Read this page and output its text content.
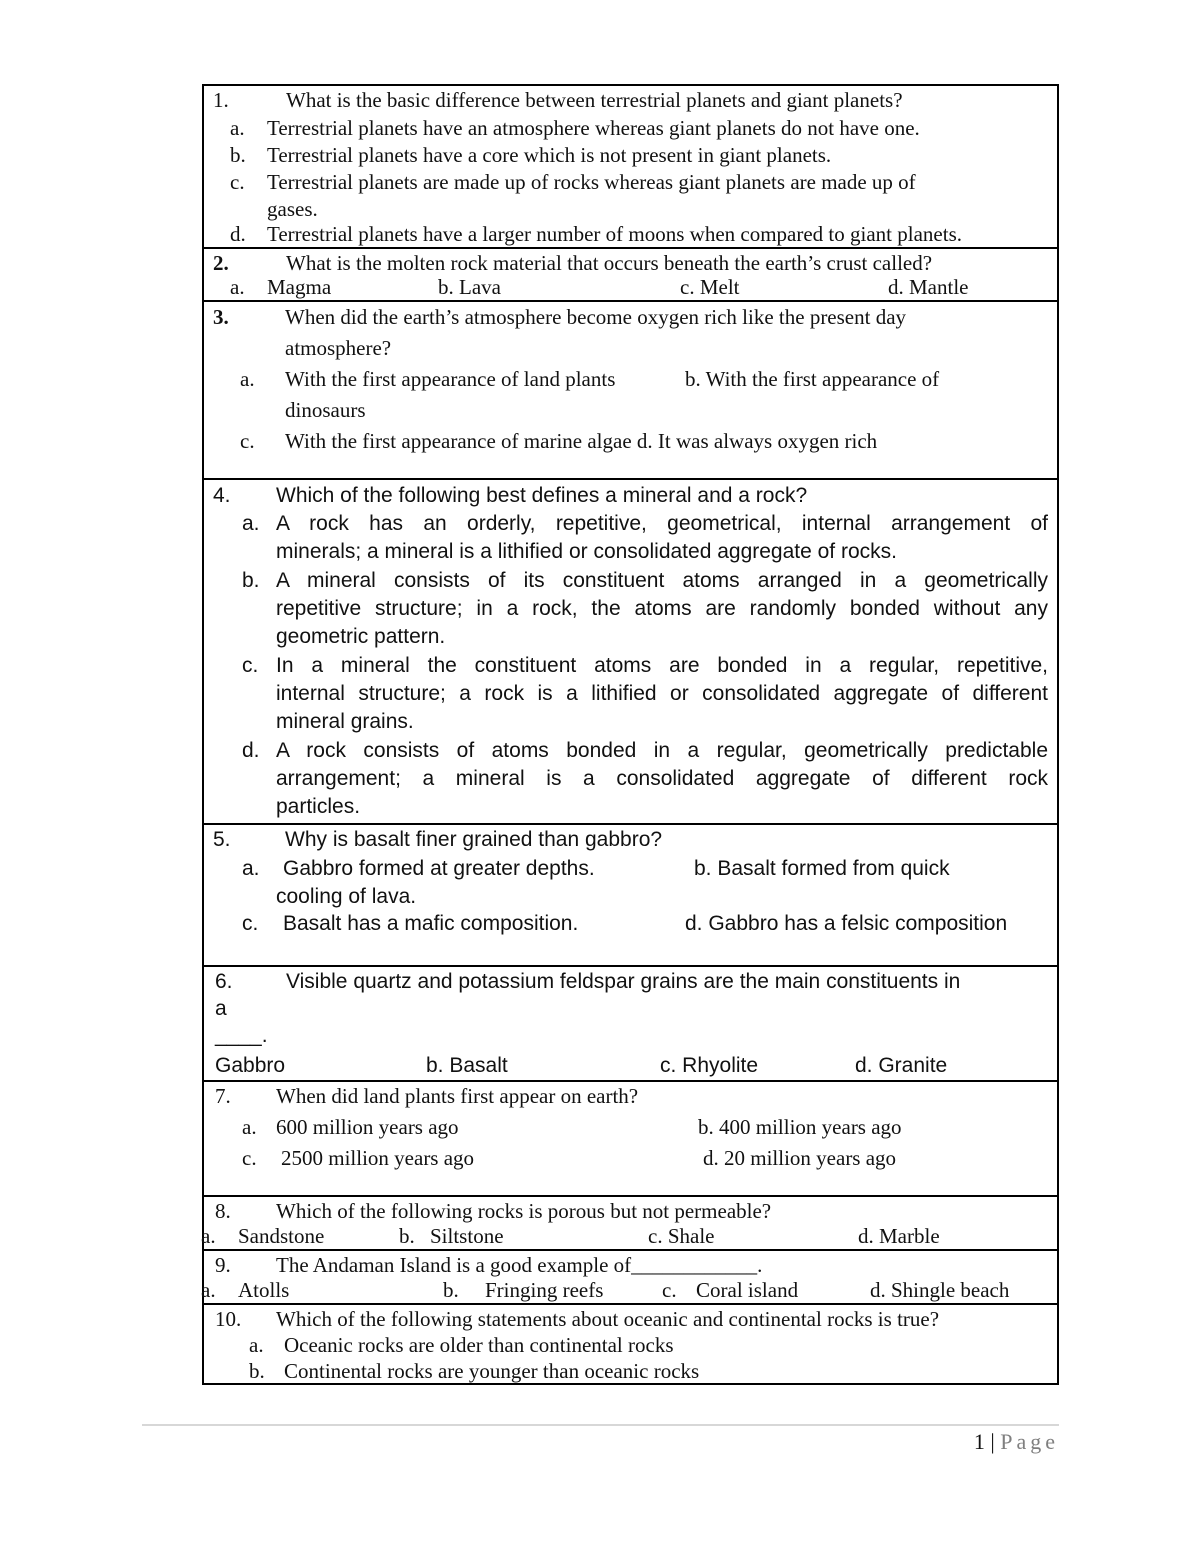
1.	What is the basic difference between terrestrial planets and giant planets?
a. Terrestrial planets have an atmosphere whereas giant planets do not have one.
b. Terrestrial planets have a core which is not present in giant planets.
c. Terrestrial planets are made up of rocks whereas giant planets are made up of
gases.
d. Terrestrial planets have a larger number of moons when compared to giant planets.
2.	What is the molten rock material that occurs beneath the earth’s crust called?
a. Magma	b. Lava	c. Melt	d. Mantle
3.	When did the earth’s atmosphere become oxygen rich like the present day
atmosphere?
a. With the first appearance of land plants	b. With the first appearance of
dinosaurs
c. With the first appearance of marine algae d. It was always oxygen rich
4. Which of the following best defines a mineral and a rock?
a. A rock has an orderly, repetitive, geometrical, internal arrangement of
minerals; a mineral is a lithified or consolidated aggregate of rocks.
b. A mineral consists of its constituent atoms arranged in a geometrically
repetitive structure; in a rock, the atoms are randomly bonded without any
geometric pattern.
c. In a mineral the constituent atoms are bonded in a regular, repetitive,
internal structure; a rock is a lithified or consolidated aggregate of different
mineral grains.
d. A rock consists of atoms bonded in a regular, geometrically predictable
arrangement; a mineral is a consolidated aggregate of different rock
particles.
5.	Why is basalt finer grained than gabbro?
a. Gabbro formed at greater depths.	b. Basalt formed from quick
cooling of lava.
c. Basalt has a mafic composition.	d. Gabbro has a felsic composition
6.	Visible quartz and potassium feldspar grains are the main constituents in
a
____.
Gabbro	b. Basalt	c. Rhyolite	d. Granite
7. When did land plants first appear on earth?
a. 600 million years ago	b. 400 million years ago
c. 2500 million years ago	d. 20 million years ago
8. Which of the following rocks is porous but not permeable?
a. Sandstone	b. Siltstone	c. Shale	d. Marble
9. The Andaman Island is a good example of____________.
a. Atolls	b. Fringing reefs	c. Coral island	d. Shingle beach
10. Which of the following statements about oceanic and continental rocks is true?
a. Oceanic rocks are older than continental rocks
b. Continental rocks are younger than oceanic rocks
1 | Page
